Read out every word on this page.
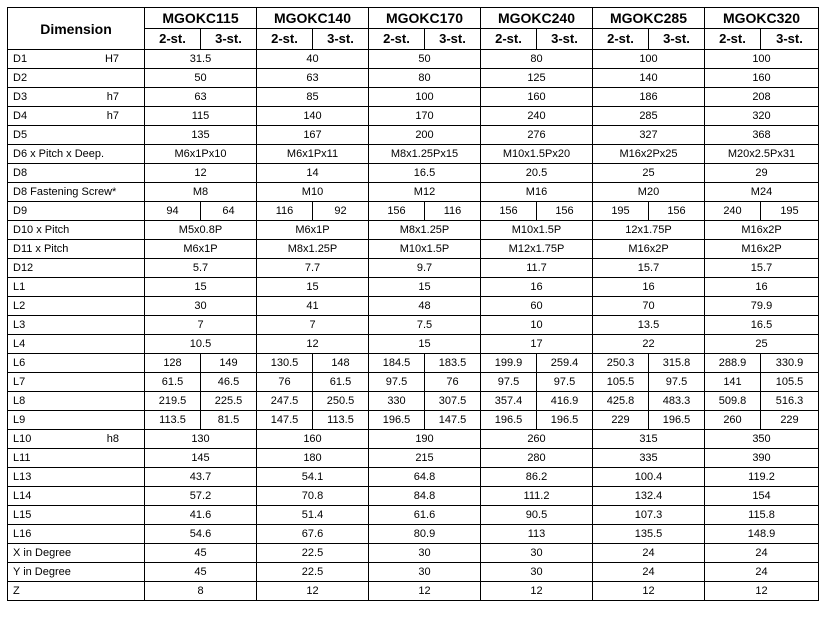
Dimension	MGOKC115		MGOKC140		MGOKC170		MGOKC240		MGOKC285		MGOKC320	
	2-st.	3-st.	2-st.	3-st.	2-st.	3-st.	2-st.	3-st.	2-st.	3-st.	2-st.	3-st.

D1 H7	31.5		40		50		80		100		100	

D2	50		63		80		125		140		160	

D3 h7	63		85		100		160		186		208	

D4 h7	115		140		170		240		285		320	

D5	135		167		200		276		327		368	

D6 x Pitch x Deep.	M6x1Px10		M6x1Px11		M8x1.25Px15		M10x1.5Px20		M16x2Px25		M20x2.5Px31	

D8	12		14		16.5		20.5		25		29	

D8 Fastening Screw*	M8		M10		M12		M16		M20		M24	

D9	94	64	116	92	156	116	156	156	195	156	240	195

D10 x Pitch	M5x0.8P		M6x1P		M8x1.25P		M10x1.5P		12x1.75P		M16x2P	

D11 x Pitch	M6x1P		M8x1.25P		M10x1.5P		M12x1.75P		M16x2P		M16x2P	

D12	5.7		7.7		9.7		11.7		15.7		15.7	

L1	15		15		15		16		16		16	

L2	30		41		48		60		70		79.9	

L3	7		7		7.5		10		13.5		16.5	

L4	10.5		12		15		17		22		25	

L6	128	149	130.5	148	184.5	183.5	199.9	259.4	250.3	315.8	288.9	330.9

L7	61.5	46.5	76	61.5	97.5	76	97.5	97.5	105.5	97.5	141	105.5

L8	219.5	225.5	247.5	250.5	330	307.5	357.4	416.9	425.8	483.3	509.8	516.3

L9	113.5	81.5	147.5	113.5	196.5	147.5	196.5	196.5	229	196.5	260	229

L10 h8	130		160		190		260		315		350	

L11	145		180		215		280		335		390	

L13	43.7		54.1		64.8		86.2		100.4		119.2	

L14	57.2		70.8		84.8		111.2		132.4		154	

L15	41.6		51.4		61.6		90.5		107.3		115.8	

L16	54.6		67.6		80.9		113		135.5		148.9	

X in Degree	45		22.5		30		30		24		24	

Y in Degree	45		22.5		30		30		24		24	

Z	8		12		12		12		12		12	
